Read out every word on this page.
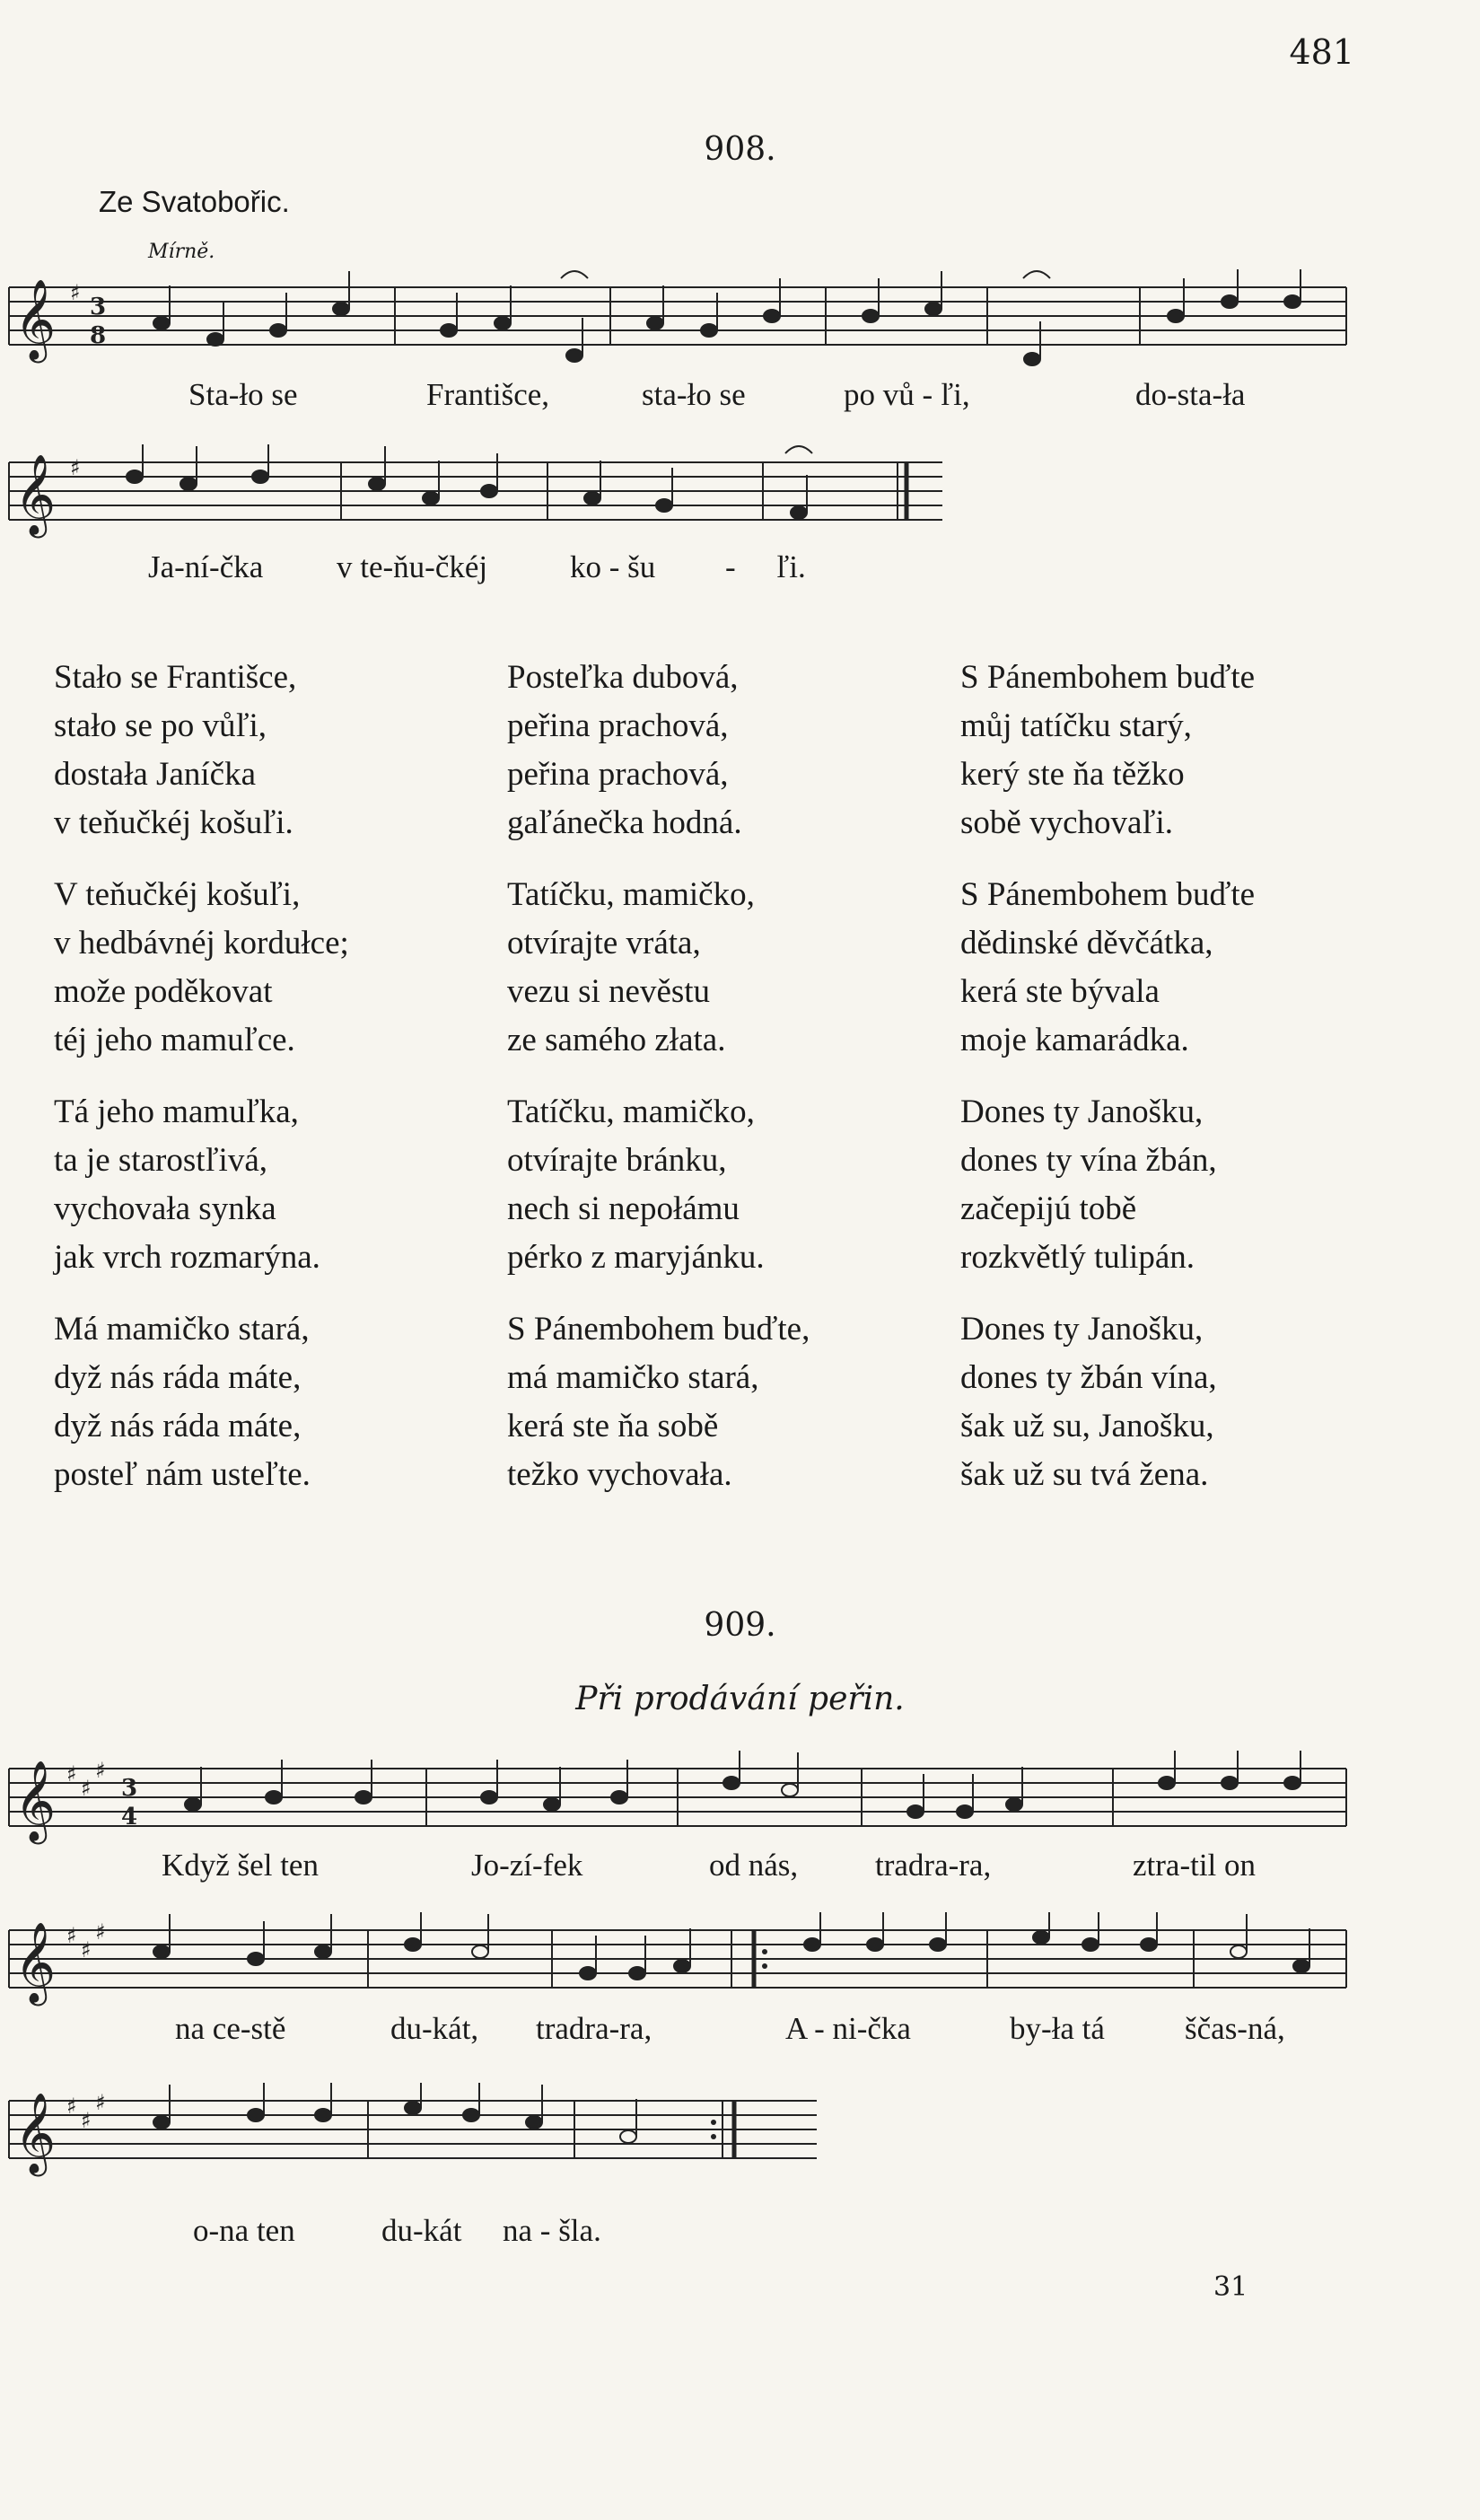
481
908.
Ze Svatobořic.
Mírně.
𝄞 ♯
3
8
Sta-ło se	Františce,	sta-ło se	po vů - ľi,	do-sta-ła
𝄞 ♯
Ja-ní-čka v te-ňu-čkéj	ko - šu - ľi.
Stało se Františce,
stało se po vůľi,
dostała Janíčka
v teňučkéj košuľi.
V teňučkéj košuľi,
v hedbávnéj kordułce;
može poděkovat
téj jeho mamuľce.
Tá jeho mamuľka,
ta je starostľivá,
vychovała synka
jak vrch rozmarýna.
Má mamičko stará,
dyž nás ráda máte,
dyž nás ráda máte,
posteľ nám usteľte.
Posteľka dubová,
peřina prachová,
peřina prachová,
gaľánečka hodná.
Tatíčku, mamičko,
otvírajte vráta,
vezu si nevěstu
ze samého złata.
Tatíčku, mamičko,
otvírajte bránku,
nech si nepołámu
pérko z maryjánku.
S Pánembohem buďte,
má mamičko stará,
kerá ste ňa sobě
težko vychovała.
S Pánembohem buďte
můj tatíčku starý,
kerý ste ňa těžko
sobě vychovaľi.
S Pánembohem buďte
dědinské děvčátka,
kerá ste bývala
moje kamarádka.
Dones ty Janošku,
dones ty vína žbán,
začepijú tobě
rozkvětlý tulipán.
Dones ty Janošku,
dones ty žbán vína,
šak už su, Janošku,
šak už su tvá žena.
909.
Při prodávání peřin.
𝄞 ♯
♯
♯
3
4
Když šel ten	Jo-zí-fek	od nás, tradra-ra,	ztra-til on
𝄞 ♯
♯
♯
na ce-stě	du-kát, tradra-ra,	A - ni-čka	by-ła tá	ščas-ná,
𝄞 ♯
♯
♯
o-na ten	du-kát na - šla.
31
